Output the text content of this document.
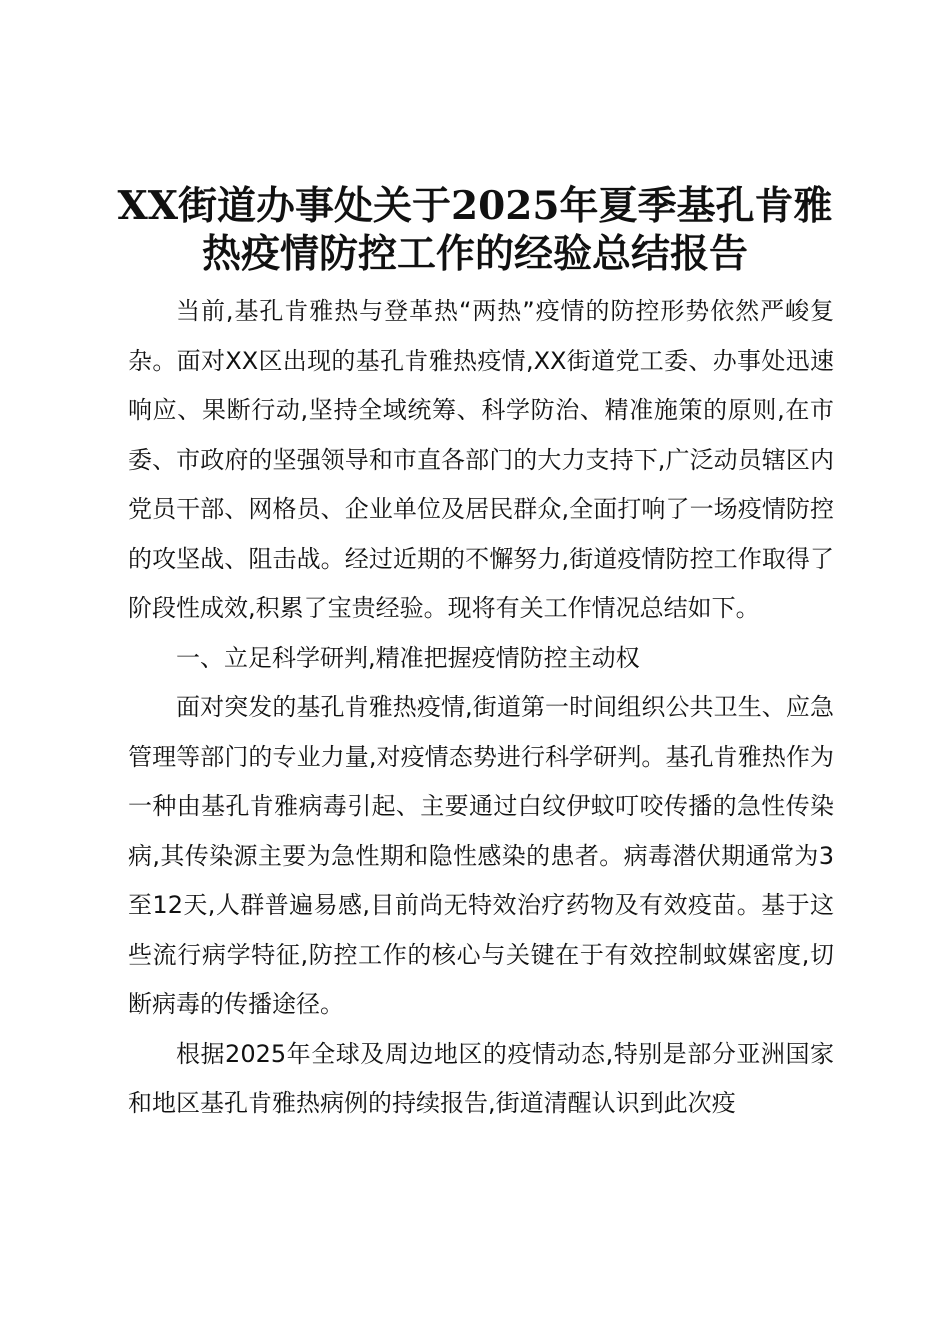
XX街道办事处关于2025年夏季基孔肯雅热疫情防控工作的经验总结报告

当前,基孔肯雅热与登革热“两热”疫情的防控形势依然严峻复杂。面对XX区出现的基孔肯雅热疫情,XX街道党工委、办事处迅速响应、果断行动,坚持全域统筹、科学防治、精准施策的原则,在市委、市政府的坚强领导和市直各部门的大力支持下,广泛动员辖区内党员干部、网格员、企业单位及居民群众,全面打响了一场疫情防控的攻坚战、阻击战。经过近期的不懈努力,街道疫情防控工作取得了阶段性成效,积累了宝贵经验。现将有关工作情况总结如下。

一、立足科学研判,精准把握疫情防控主动权

面对突发的基孔肯雅热疫情,街道第一时间组织公共卫生、应急管理等部门的专业力量,对疫情态势进行科学研判。基孔肯雅热作为一种由基孔肯雅病毒引起、主要通过白纹伊蚊叮咬传播的急性传染病,其传染源主要为急性期和隐性感染的患者。病毒潜伏期通常为3至12天,人群普遍易感,目前尚无特效治疗药物及有效疫苗。基于这些流行病学特征,防控工作的核心与关键在于有效控制蚊媒密度,切断病毒的传播途径。

根据2025年全球及周边地区的疫情动态,特别是部分亚洲国家和地区基孔肯雅热病例的持续报告,街道清醒认识到此次疫
